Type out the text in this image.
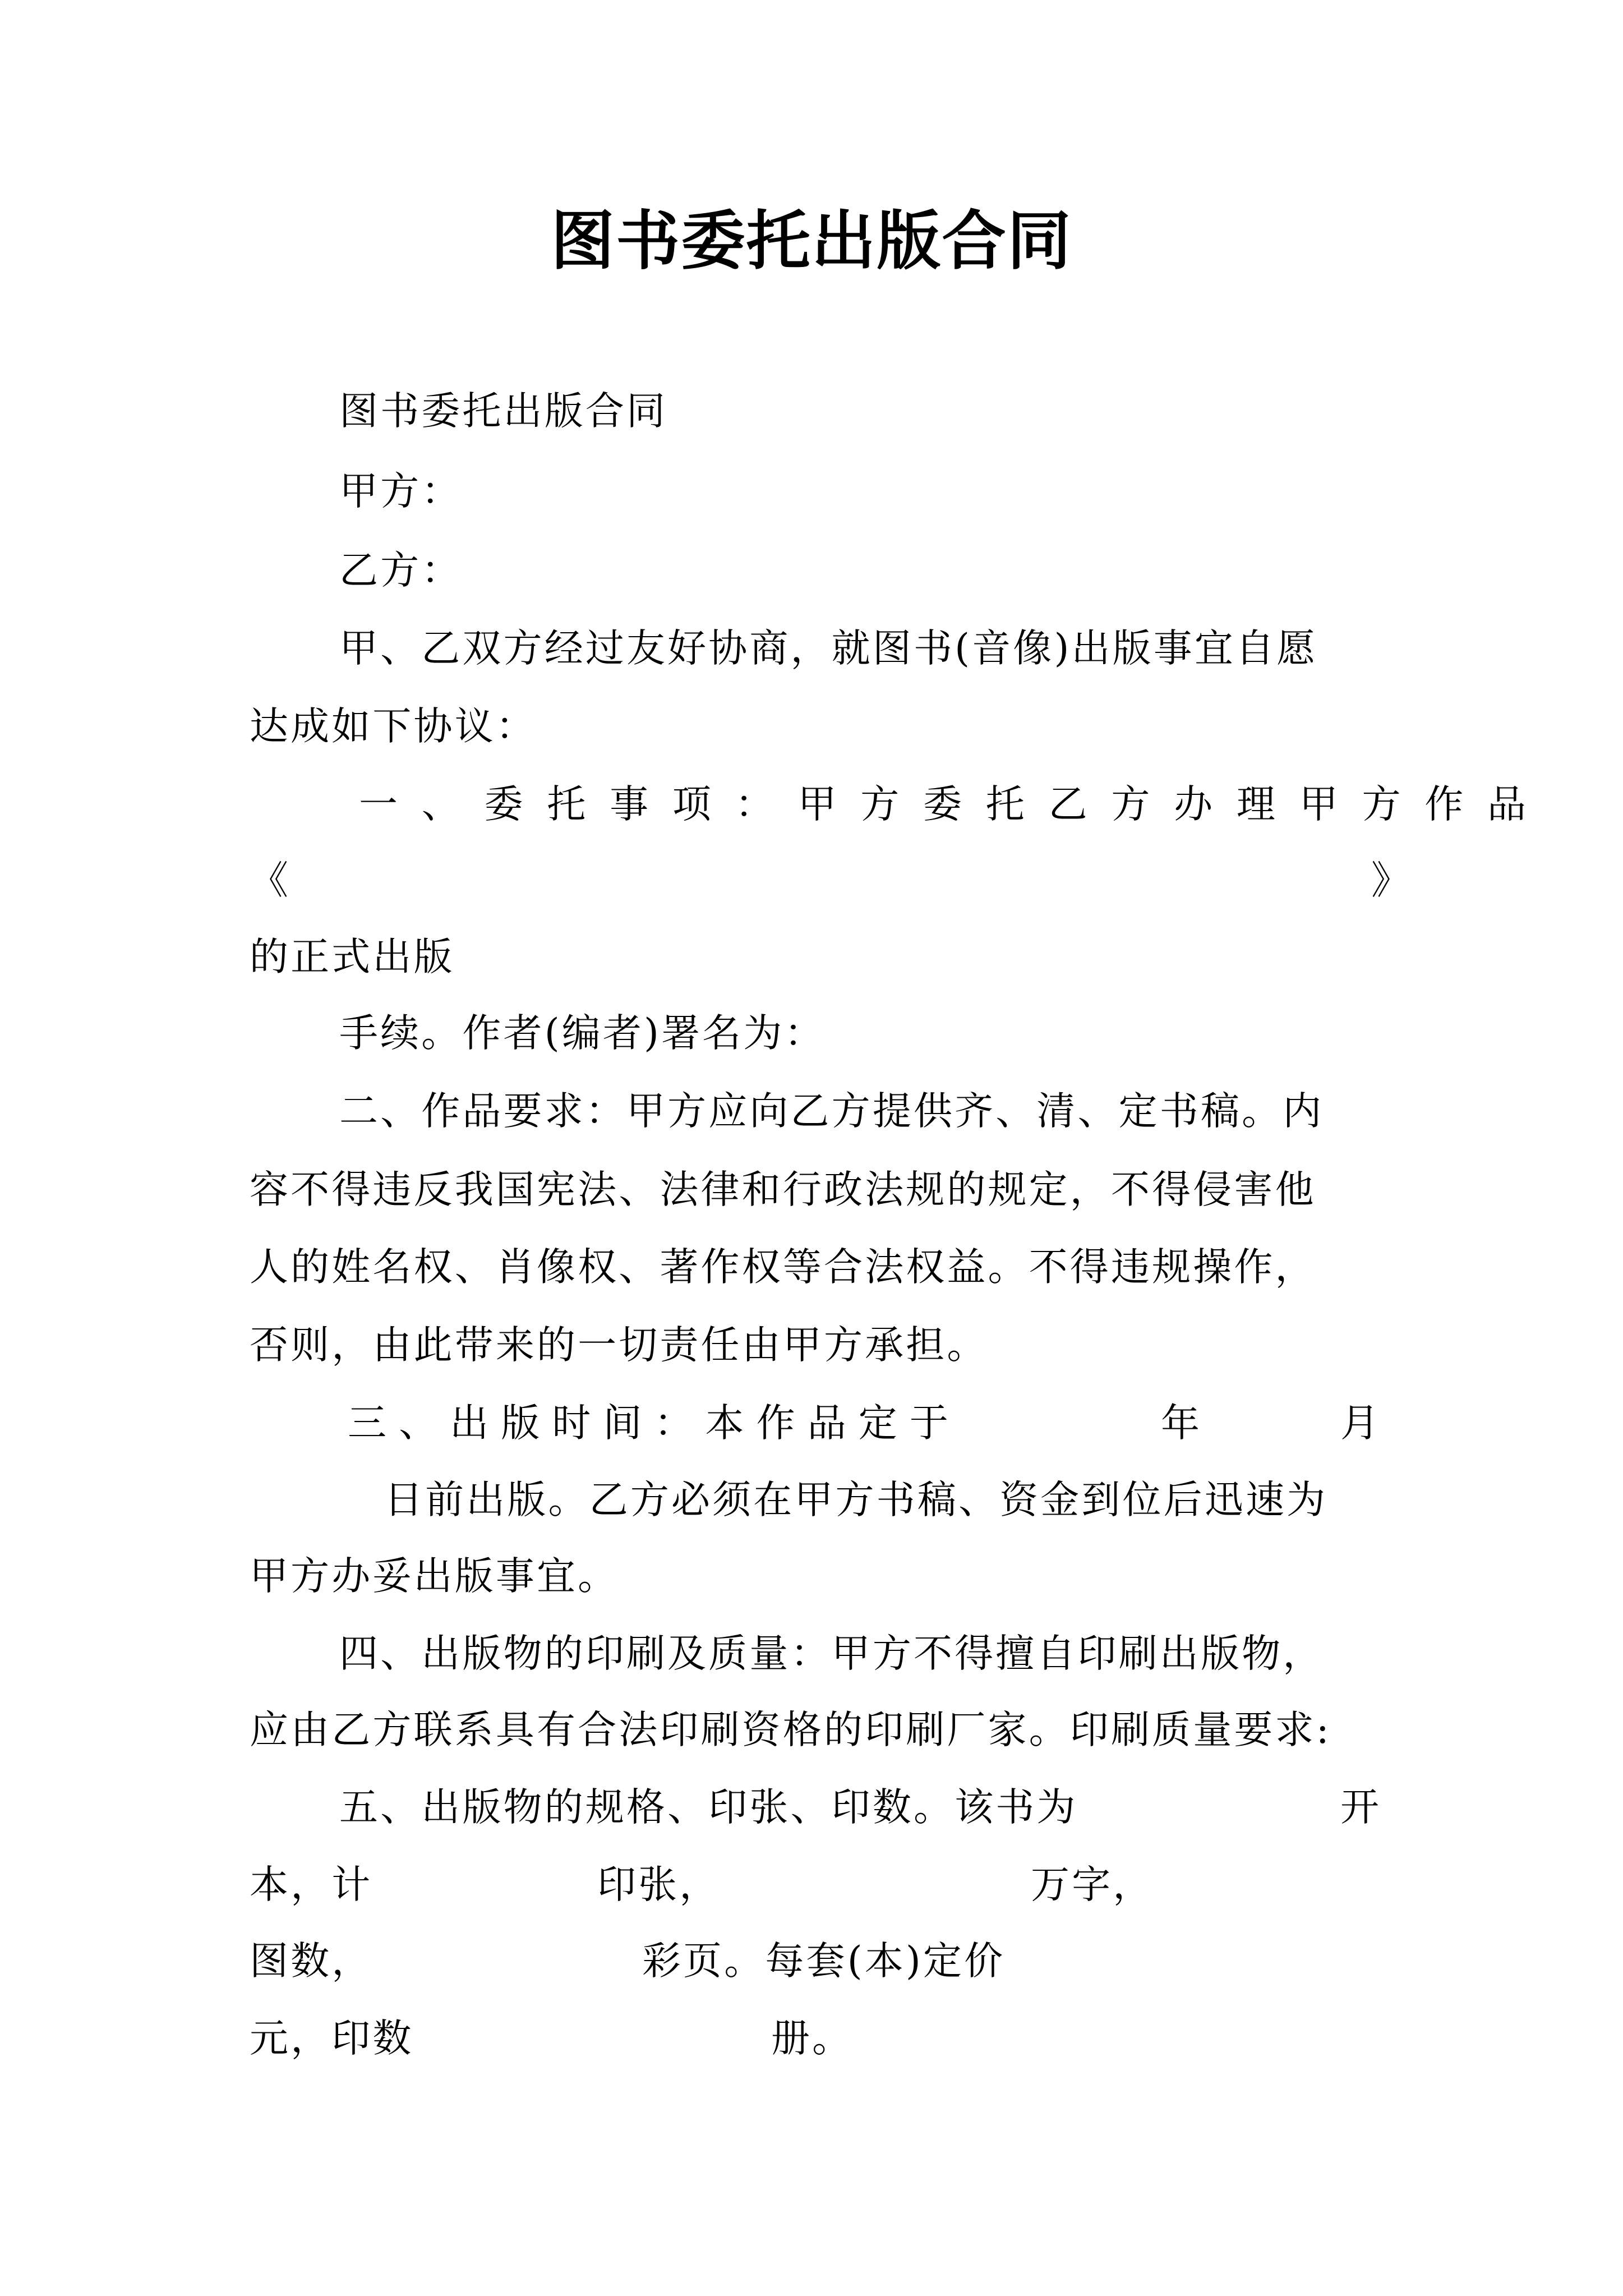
图书委托出版合同
图书委托出版合同
甲方：
乙方：
甲、乙双方经过友好协商，就图书(音像)出版事宜自愿
达成如下协议：
一、委托事项：甲方委托乙方办理甲方作品
《	》
的正式出版
手续。作者(编者)署名为：
二、作品要求：甲方应向乙方提供齐、清、定书稿。内
容不得违反我国宪法、法律和行政法规的规定，不得侵害他
人的姓名权、肖像权、著作权等合法权益。不得违规操作，
否则，由此带来的一切责任由甲方承担。
三、出版时间：本作品定于	年	月
日前出版。乙方必须在甲方书稿、资金到位后迅速为
甲方办妥出版事宜。
四、出版物的印刷及质量：甲方不得擅自印刷出版物，
应由乙方联系具有合法印刷资格的印刷厂家。印刷质量要求:
五、出版物的规格、印张、印数。该书为	开
本，计	印张，	万字，
图数，	彩页。每套(本)定价
元，印数	册。
